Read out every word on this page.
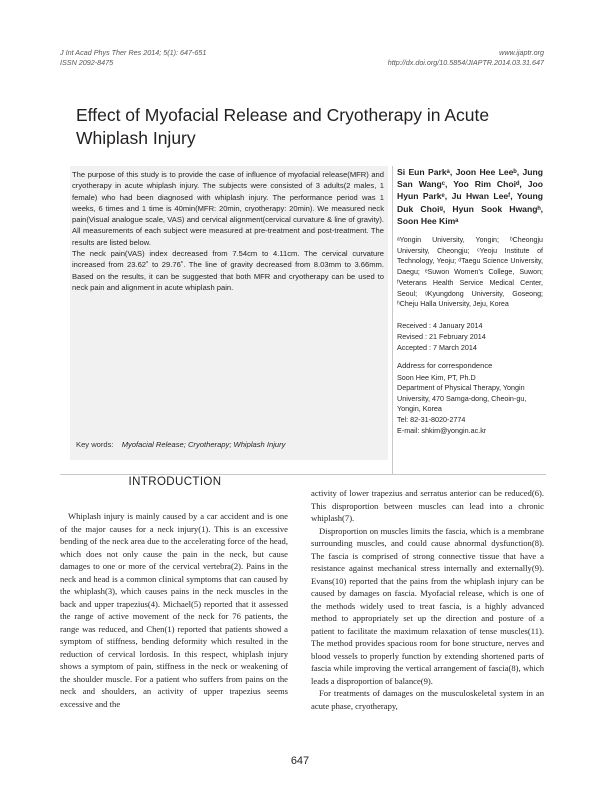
J Int Acad Phys Ther Res 2014; 5(1): 647-651
ISSN 2092-8475
www.ijaptr.org
http://dx.doi.org/10.5854/JIAPTR.2014.03.31.647
Effect of Myofacial Release and Cryotherapy in Acute Whiplash Injury

The purpose of this study is to provide the case of influence of myofacial release(MFR) and cryotherapy in acute whiplash injury. The subjects were consisted of 3 adults(2 males, 1 female) who had been diagnosed with whiplash injury. The performance period was 1 weeks, 6 times and 1 time is 40min(MFR: 20min, cryotherapy: 20min). We measured neck pain(Visual analogue scale, VAS) and cervical alignment(cervical curvature & line of gravity). All measurements of each subject were measured at pre-treatment and post-treatment. The results are listed below.

The neck pain(VAS) index decreased from 7.54cm to 4.11cm. The cervical curvature increased from 23.62˚ to 29.76˚. The line of gravity decreased from 8.03mm to 3.66mm. Based on the results, it can be suggested that both MFR and cryotherapy can be used to neck pain and alignment in acute whiplash pain.

Key words: Myofacial Release; Cryotherapy; Whiplash Injury
Si Eun Parkᵃ, Joon Hee Leeᵇ, Jung San Wangᶜ, Yoo Rim Choiᵈ, Joo Hyun Parkᵉ, Ju Hwan Leeᶠ, Young Duk Choiᵍ, Hyun Sook Hwangʰ, Soon Hee Kimᵃ
ᵃYongin University, Yongin; ᵇCheongju University, Cheongju; ᶜYeoju Institute of Technology, Yeoju; ᵈTaegu Science University, Daegu; ᵉSuwon Women's College, Suwon; ᶠVeterans Health Service Medical Center, Seoul; ᵍKyungdong University, Goseong; ʰCheju Halla University, Jeju, Korea
Received : 4 January 2014
Revised : 21 February 2014
Accepted : 7 March 2014
Address for correspondence
Soon Hee Kim, PT, Ph.D
Department of Physical Therapy, Yongin University, 470 Samga-dong, Cheoin-gu, Yongin, Korea
Tel: 82-31-8020-2774
E-mail: shkim@yongin.ac.kr
INTRODUCTION

Whiplash injury is mainly caused by a car accident and is one of the major causes for a neck injury(1). This is an excessive bending of the neck area due to the accelerating force of the head, which does not only cause the pain in the neck, but cause damages to one or more of the cervical vertebra(2). Pains in the neck and head is a common clinical symptoms that can caused by the whiplash(3), which causes pains in the neck muscles in the back and upper trapezius(4). Michael(5) reported that it assessed the range of active movement of the neck for 76 patients, the range was reduced, and Chen(1) reported that patients showed a symptom of stiffness, bending deformity which resulted in the reduction of cervical lordosis. In this respect, whiplash injury shows a symptom of pain, stiffness in the neck or weakening of the shoulder muscle. For a patient who suffers from pains on the neck and shoulders, an activity of upper trapezius seems excessive and the

activity of lower trapezius and serratus anterior can be reduced(6). This disproportion between muscles can lead into a chronic whiplash(7).

Disproportion on muscles limits the fascia, which is a membrane surrounding muscles, and could cause abnormal dysfunction(8). The fascia is comprised of strong connective tissue that have a resistance against mechanical stress internally and externally(9). Evans(10) reported that the pains from the whiplash injury can be caused by damages on fascia. Myofacial release, which is one of the methods widely used to treat fascia, is a highly advanced method to appropriately set up the direction and posture of a patient to facilitate the maximum relaxation of tense muscles(11). The method provides spacious room for bone structure, nerves and blood vessels to properly function by extending shortened parts of fascia while improving the vertical arrangement of fascia(8), which leads a disproportion of balance(9).

For treatments of damages on the musculoskeletal system in an acute phase, cryotherapy,

647
